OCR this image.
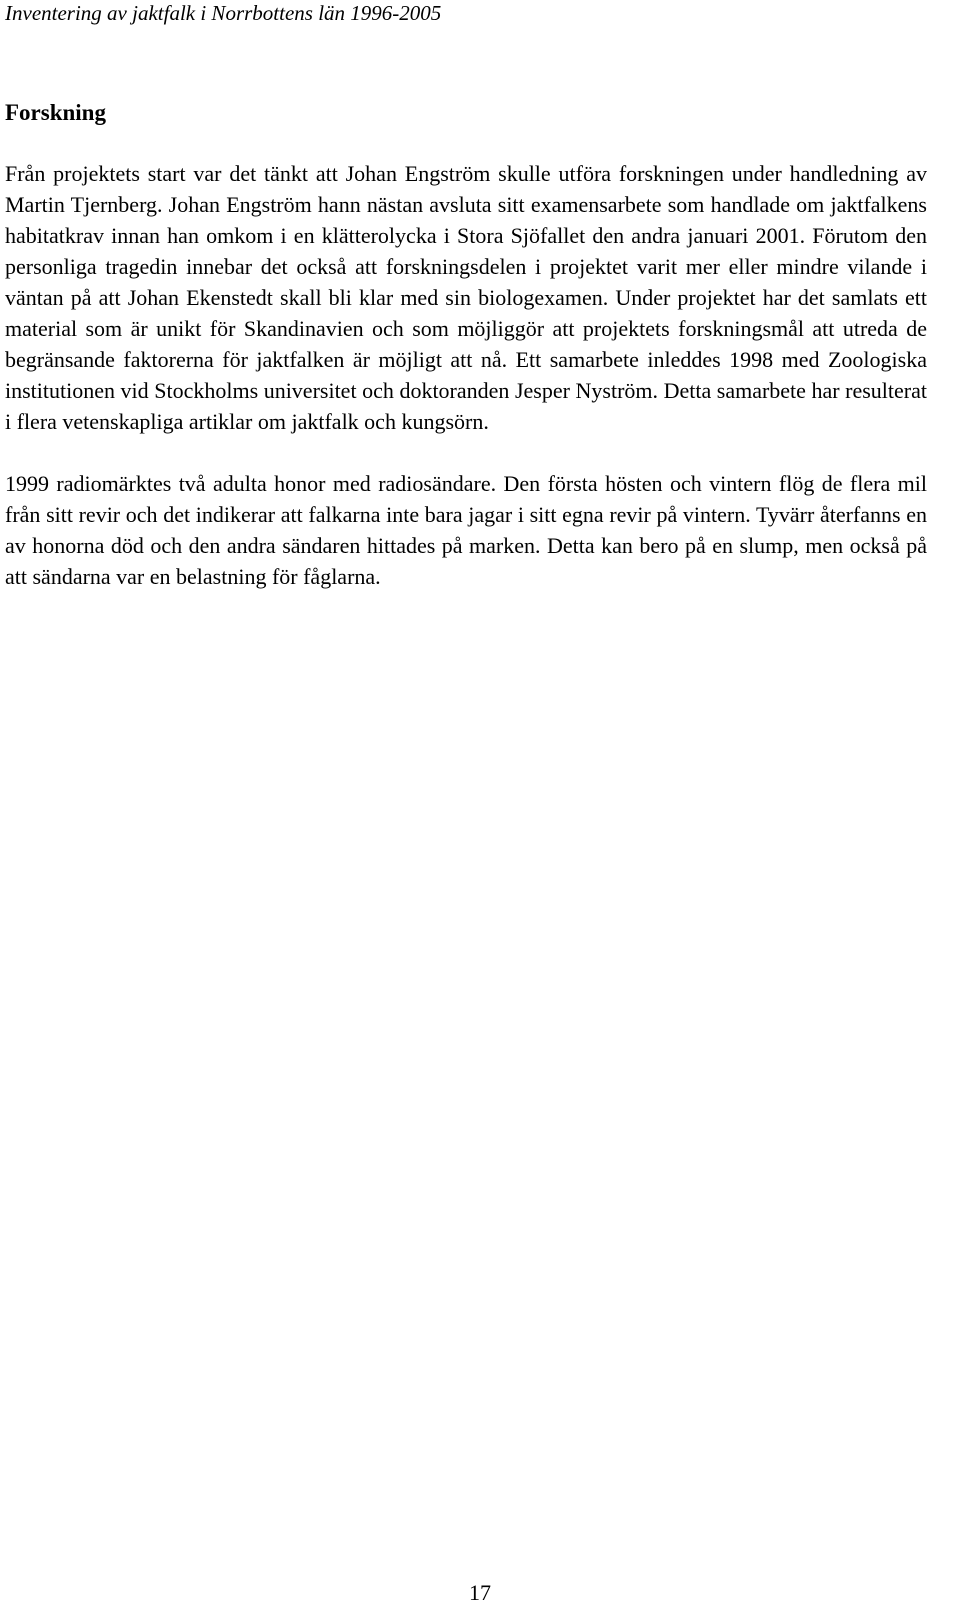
Inventering av jaktfalk i Norrbottens län 1996-2005
Forskning

Från projektets start var det tänkt att Johan Engström skulle utföra forskningen under handledning av Martin Tjernberg. Johan Engström hann nästan avsluta sitt examensarbete som handlade om jaktfalkens habitatkrav innan han omkom i en klätterolycka i Stora Sjöfallet den andra januari 2001. Förutom den personliga tragedin innebar det också att forskningsdelen i projektet varit mer eller mindre vilande i väntan på att Johan Ekenstedt skall bli klar med sin biologexamen. Under projektet har det samlats ett material som är unikt för Skandinavien och som möjliggör att projektets forskningsmål att utreda de begränsande faktorerna för jaktfalken är möjligt att nå. Ett samarbete inleddes 1998 med Zoologiska institutionen vid Stockholms universitet och doktoranden Jesper Nyström. Detta samarbete har resulterat i flera vetenskapliga artiklar om jaktfalk och kungsörn.

1999 radiomärktes två adulta honor med radiosändare. Den första hösten och vintern flög de flera mil från sitt revir och det indikerar att falkarna inte bara jagar i sitt egna revir på vintern. Tyvärr återfanns en av honorna död och den andra sändaren hittades på marken. Detta kan bero på en slump, men också på att sändarna var en belastning för fåglarna.

17
